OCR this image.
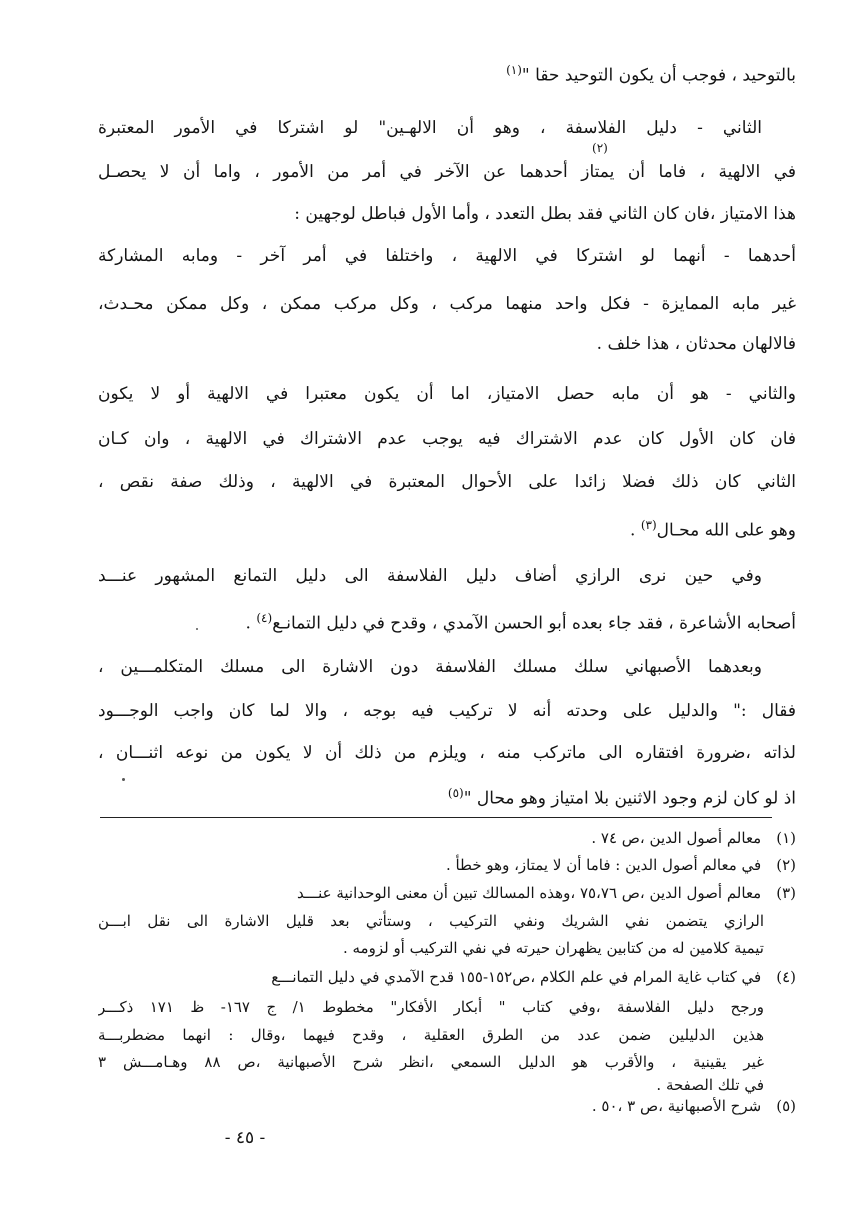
بالتوحيد ، فوجب أن يكون التوحيد حقا "$^{(١)}$

الثاني - دليل الفلاسفة ، وهو أن الالهـين" لو اشتركا في الأمور المعتبرة

في الالهية ، فاما أن يمتاز أحدهما عن الآخر في أمر من الأمور ، واما أن لا يحصـل

(٢)

هذا الامتياز ،فان كان الثاني فقد بطل التعدد ، وأما الأول فباطل لوجهين :

أحدهما - أنهما لو اشتركا في الالهية ، واختلفا في أمر آخر - ومابه المشاركة

غير مابه الممايزة - فكل واحد منهما مركب ، وكل مركب ممكن ، وكل ممكن محـدث،

فالالهان محدثان ، هذا خلف .

والثاني - هو أن مابه حصل الامتياز، اما أن يكون معتبرا في الالهية أو لا يكون

فان كان الأول كان عدم الاشتراك فيه يوجب عدم الاشتراك في الالهية ، وان كـان

الثاني كان ذلك فضلا زائدا على الأحوال المعتبرة في الالهية ، وذلك صفة نقص ،

وهو على الله محـال$^{(٣)}$ .

وفي حين نرى الرازي أضاف دليل الفلاسفة الى دليل التمانع المشهور عنـــد

أصحابه الأشاعرة ، فقد جاء بعده أبو الحسن الآمدي ، وقدح في دليل التمانـع$^{(٤)}$ .

وبعدهما الأصبهاني سلك مسلك الفلاسفة دون الاشارة الى مسلك المتكلمـــين ،

فقال :" والدليل على وحدته أنه لا تركيب فيه بوجه ، والا لما كان واجب الوجـــود

لذاته ،ضرورة افتقاره الى ماتركب منه ، ويلزم من ذلك أن لا يكون من نوعه اثنـــان ،

اذ لو كان لزم وجود الاثنين بلا امتياز وهو محال "$^{(٥)}$

(١) معالم أصول الدين ،ص ٧٤ .

(٢) في معالم أصول الدين : فاما أن لا يمتاز، وهو خطأ .

(٣) معالم أصول الدين ،ص ٧٥،٧٦ ،وهذه المسالك تبين أن معنى الوحدانية عنـــد

الرازي يتضمن نفي الشريك ونفي التركيب ، وستأتي بعد قليل الاشارة الى نقل ابـــن

تيمية كلامين له من كتابين يظهران حيرته في نفي التركيب أو لزومه .

(٤) في كتاب غاية المرام في علم الكلام ،ص١٥٢-١٥٥ قدح الآمدي في دليل التمانـــع

ورجح دليل الفلاسفة ،وفي كتاب " أبكار الأفكار" مخطوط ١/ ج ١٦٧- ظ ١٧١ ذكـــر

هذين الدليلين ضمن عدد من الطرق العقلية ، وقدح فيهما ،وقال : انهما مضطربـــة

غير يقينية ، والأقرب هو الدليل السمعي ،انظر شرح الأصبهانية ،ص ٨٨ وهـامـــش ٣

في تلك الصفحة .

(٥) شرح الأصبهانية ،ص ٣ ،٥٠ .

- ٤٥ -
